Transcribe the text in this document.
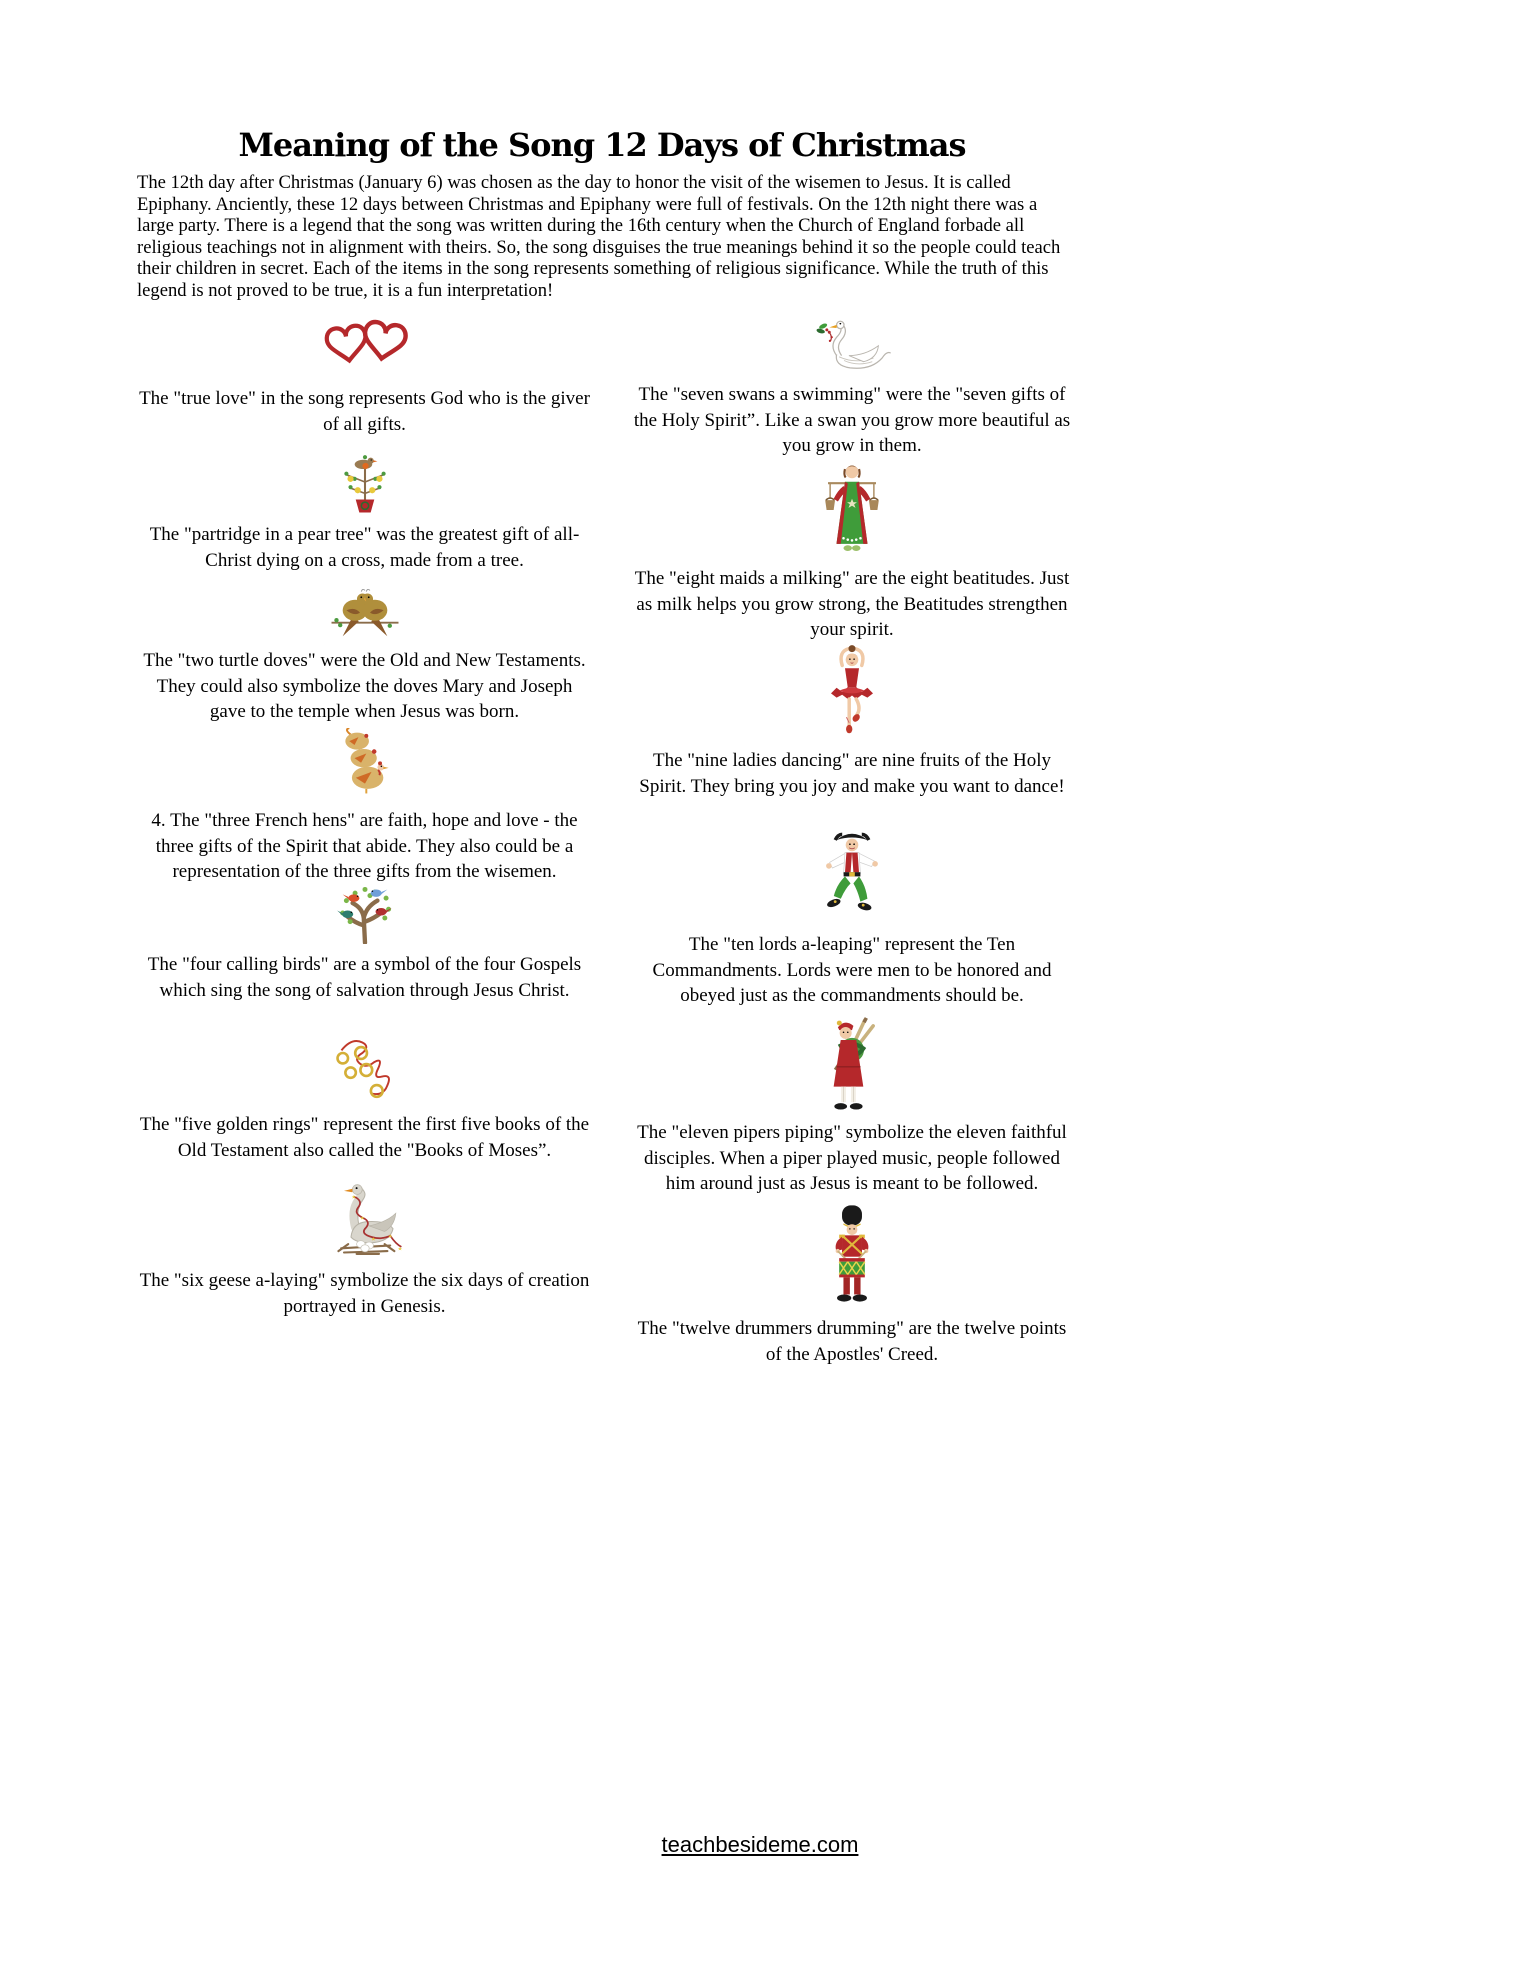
Meaning of the Song 12 Days of Christmas

The 12th day after Christmas (January 6) was chosen as the day to honor the visit of the wisemen to Jesus. It is called Epiphany. Anciently, these 12 days between Christmas and Epiphany were full of festivals. On the 12th night there was a large party. There is a legend that the song was written during the 16th century when the Church of England forbade all religious teachings not in alignment with theirs. So, the song disguises the true meanings behind it so the people could teach their children in secret. Each of the items in the song represents something of religious significance. While the truth of this legend is not proved to be true, it is a fun interpretation!

The "true love" in the song represents God who is the giver of all gifts.

The "partridge in a pear tree" was the greatest gift of all- Christ dying on a cross, made from a tree.

The "two turtle doves" were the Old and New Testaments. They could also symbolize the doves Mary and Joseph gave to the temple when Jesus was born.

4. The "three French hens" are faith, hope and love - the three gifts of the Spirit that abide. They also could be a representation of the three gifts from the wisemen.

The "four calling birds" are a symbol of the four Gospels which sing the song of salvation through Jesus Christ.

The "five golden rings" represent the first five books of the Old Testament also called the "Books of Moses”.

The "six geese a-laying" symbolize the six days of creation portrayed in Genesis.

The "seven swans a swimming" were the "seven gifts of the Holy Spirit”. Like a swan you grow more beautiful as you grow in them.

The "eight maids a milking" are the eight beatitudes. Just as milk helps you grow strong, the Beatitudes strengthen your spirit.

The "nine ladies dancing" are nine fruits of the Holy Spirit. They bring you joy and make you want to dance!

The "ten lords a-leaping" represent the Ten Commandments. Lords were men to be honored and obeyed just as the commandments should be.

The "eleven pipers piping" symbolize the eleven faithful disciples. When a piper played music, people followed him around just as Jesus is meant to be followed.

The "twelve drummers drumming" are the twelve points of the Apostles' Creed.

teachbesideme.com
